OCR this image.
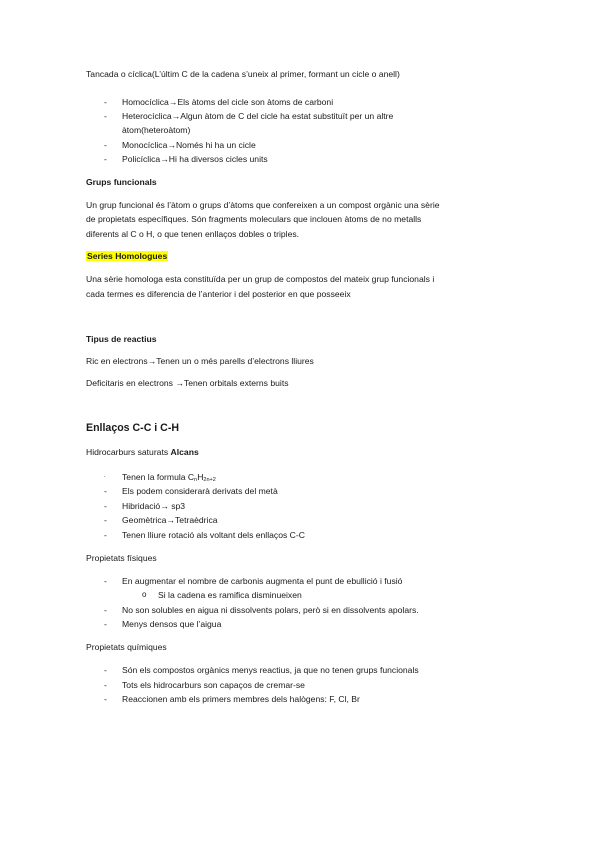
Tancada o cíclica(L’últim C de la cadena s’uneix al primer, formant un cicle o anell)
- Homocíclica→Els àtoms del cicle son àtoms de carboni
- Heterocíclica→Algun àtom de C del cicle ha estat substituït per un altre
àtom(heteroàtom)
- Monocíclica→Només hi ha un cicle
- Policíclica→Hi ha diversos cicles units
Grups funcionals
Un grup funcional és l’àtom o grups d’àtoms que confereixen a un compost orgànic una sèrie
de propietats específiques. Són fragments moleculars que inclouen àtoms de no metalls
diferents al C o H, o que tenen enllaços dobles o triples.
Series Homologues
Una sèrie homologa esta constituïda per un grup de compostos del mateix grup funcionals i
cada termes es diferencia de l’anterior i del posterior en que posseeix
Tipus de reactius
Ric en electrons→Tenen un o més parells d’electrons lliures
Deficitaris en electrons →Tenen orbitals externs buits
Enllaços C-C i C-H
Hidrocarburs saturats Alcans
. Tenen la formula $C_nH_{2n+2}$
- Els podem considerarà derivats del metà
- Hibridació→ sp3
- Geomètrica→Tetraèdrica
- Tenen lliure rotació als voltant dels enllaços C-C
Propietats físiques
- En augmentar el nombre de carbonis augmenta el punt de ebullició i fusió
o Si la cadena es ramifica disminueixen
- No son solubles en aigua ni dissolvents polars, però si en dissolvents apolars.
- Menys densos que l’aigua
Propietats químiques
- Són els compostos orgànics menys reactius, ja que no tenen grups funcionals
- Tots els hidrocarburs son capaços de cremar-se
- Reaccionen amb els primers membres dels halògens: F, Cl, Br
